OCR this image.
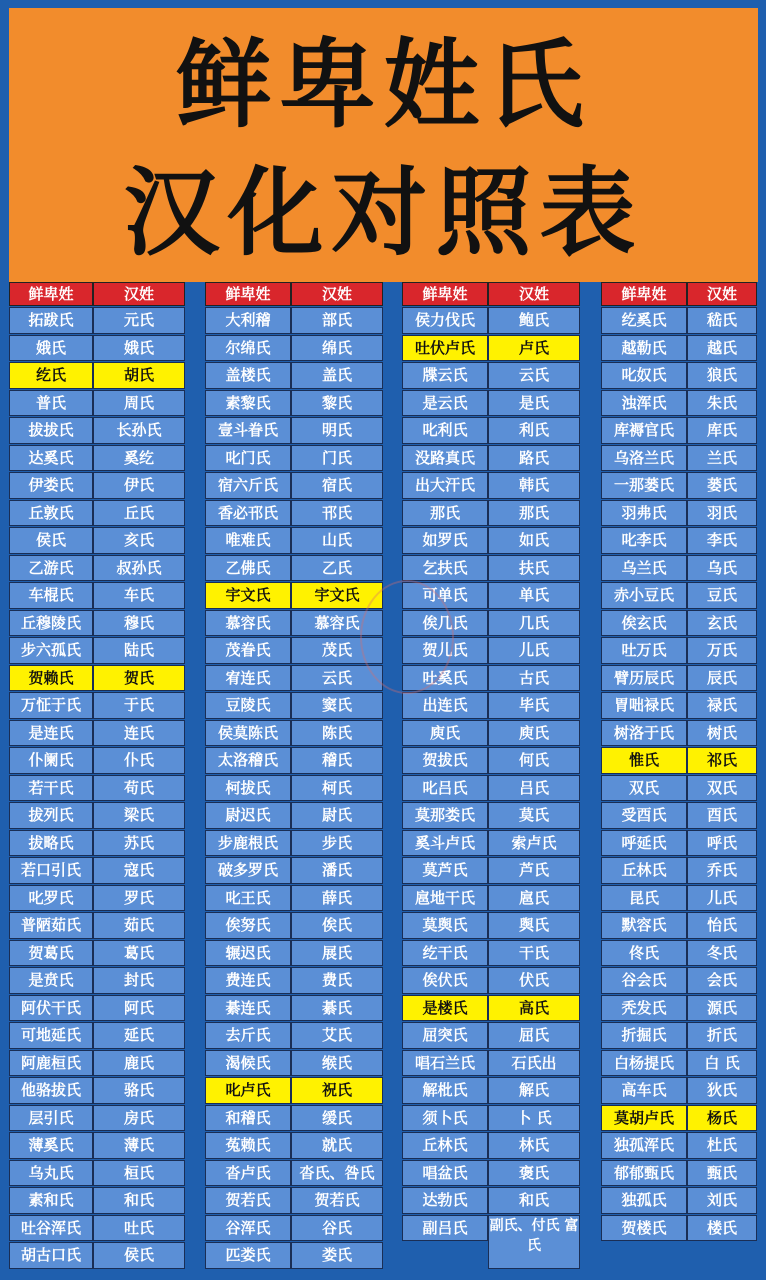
鲜卑姓氏
汉化对照表
鲜卑姓	汉姓
拓跋氏	元氏
娥氏	娥氏
纥氏	胡氏
普氏	周氏
拔拔氏	长孙氏
达奚氏	奚纥
伊娄氏	伊氏
丘敦氏	丘氏
侯氏	亥氏
乙游氏	叔孙氏
车棍氏	车氏
丘穆陵氏	穆氏
步六孤氏	陆氏
贺赖氏	贺氏
万怔于氏	于氏
是连氏	连氏
仆阑氏	仆氏
若干氏	苟氏
拔列氏	梁氏
拔略氏	苏氏
若口引氏	寇氏
叱罗氏	罗氏
普陋茹氏	茹氏
贺葛氏	葛氏
是贲氏	封氏
阿伏干氏	阿氏
可地延氏	延氏
阿鹿桓氏	鹿氏
他骆拔氏	骆氏
层引氏	房氏
薄奚氏	薄氏
乌丸氏	桓氏
素和氏	和氏
吐谷浑氏	吐氏
胡古口氏	侯氏
鲜卑姓	汉姓
大利稽	部氏
尔绵氏	绵氏
盖楼氏	盖氏
素黎氏	黎氏
壹斗眷氏	明氏
叱门氏	门氏
宿六斤氏	宿氏
香必邗氏	邗氏
唯难氏	山氏
乙佛氏	乙氏
宇文氏	宇文氏
慕容氏	慕容氏
茂眷氏	茂氏
宥连氏	云氏
豆陵氏	窦氏
侯莫陈氏	陈氏
太洛稽氏	稽氏
柯拔氏	柯氏
尉迟氏	尉氏
步鹿根氏	步氏
破多罗氏	潘氏
叱王氏	薛氏
俟努氏	俟氏
辗迟氏	展氏
费连氏	费氏
綦连氏	綦氏
去斤氏	艾氏
渴候氏	缑氏
叱卢氏	祝氏
和稽氏	缓氏
菟赖氏	就氏
沓卢氏	沓氏、咎氏
贺若氏	贺若氏
谷浑氏	谷氏
匹娄氏	娄氏
鲜卑姓	汉姓
侯力伐氏	鲍氏
吐伏卢氏	卢氏
牒云氏	云氏
是云氏	是氏
叱利氏	利氏
没路真氏	路氏
出大汗氏	韩氏
那氏	那氏
如罗氏	如氏
乞扶氏	扶氏
可单氏	单氏
俟几氏	几氏
贺儿氏	儿氏
吐奚氏	古氏
出连氏	毕氏
庾氏	庾氏
贺拔氏	何氏
叱吕氏	吕氏
莫那娄氏	莫氏
奚斗卢氏	索卢氏
莫芦氏	芦氏
扈地干氏	扈氏
莫舆氏	舆氏
纥干氏	干氏
俟伏氏	伏氏
是楼氏	高氏
屈突氏	屈氏
唱石兰氏	石氏出
解枇氏	解氏
须卜氏	卜 氏
丘林氏	林氏
唱盆氏	褒氏
达勃氏	和氏
副吕氏	副氏、付氏 富氏
鲜卑姓	汉姓
纥奚氏	嵇氏
越勒氏	越氏
叱奴氏	狼氏
浊浑氏	朱氏
库褥官氏	库氏
乌洛兰氏	兰氏
一那蒌氏	蒌氏
羽弗氏	羽氏
叱李氏	李氏
乌兰氏	乌氏
赤小豆氏	豆氏
俟玄氏	玄氏
吐万氏	万氏
臂历辰氏	辰氏
胃咄禄氏	禄氏
树洛于氏	树氏
惟氏	祁氏
双氏	双氏
受酉氏	酉氏
呼延氏	呼氏
丘林氏	乔氏
昆氏	儿氏
默容氏	怡氏
佟氏	冬氏
谷会氏	会氏
秃发氏	源氏
折掘氏	折氏
白杨提氏	白 氏
高车氏	狄氏
莫胡卢氏	杨氏
独孤浑氏	杜氏
郁郁甄氏	甄氏
独孤氏	刘氏
贺楼氏	楼氏
